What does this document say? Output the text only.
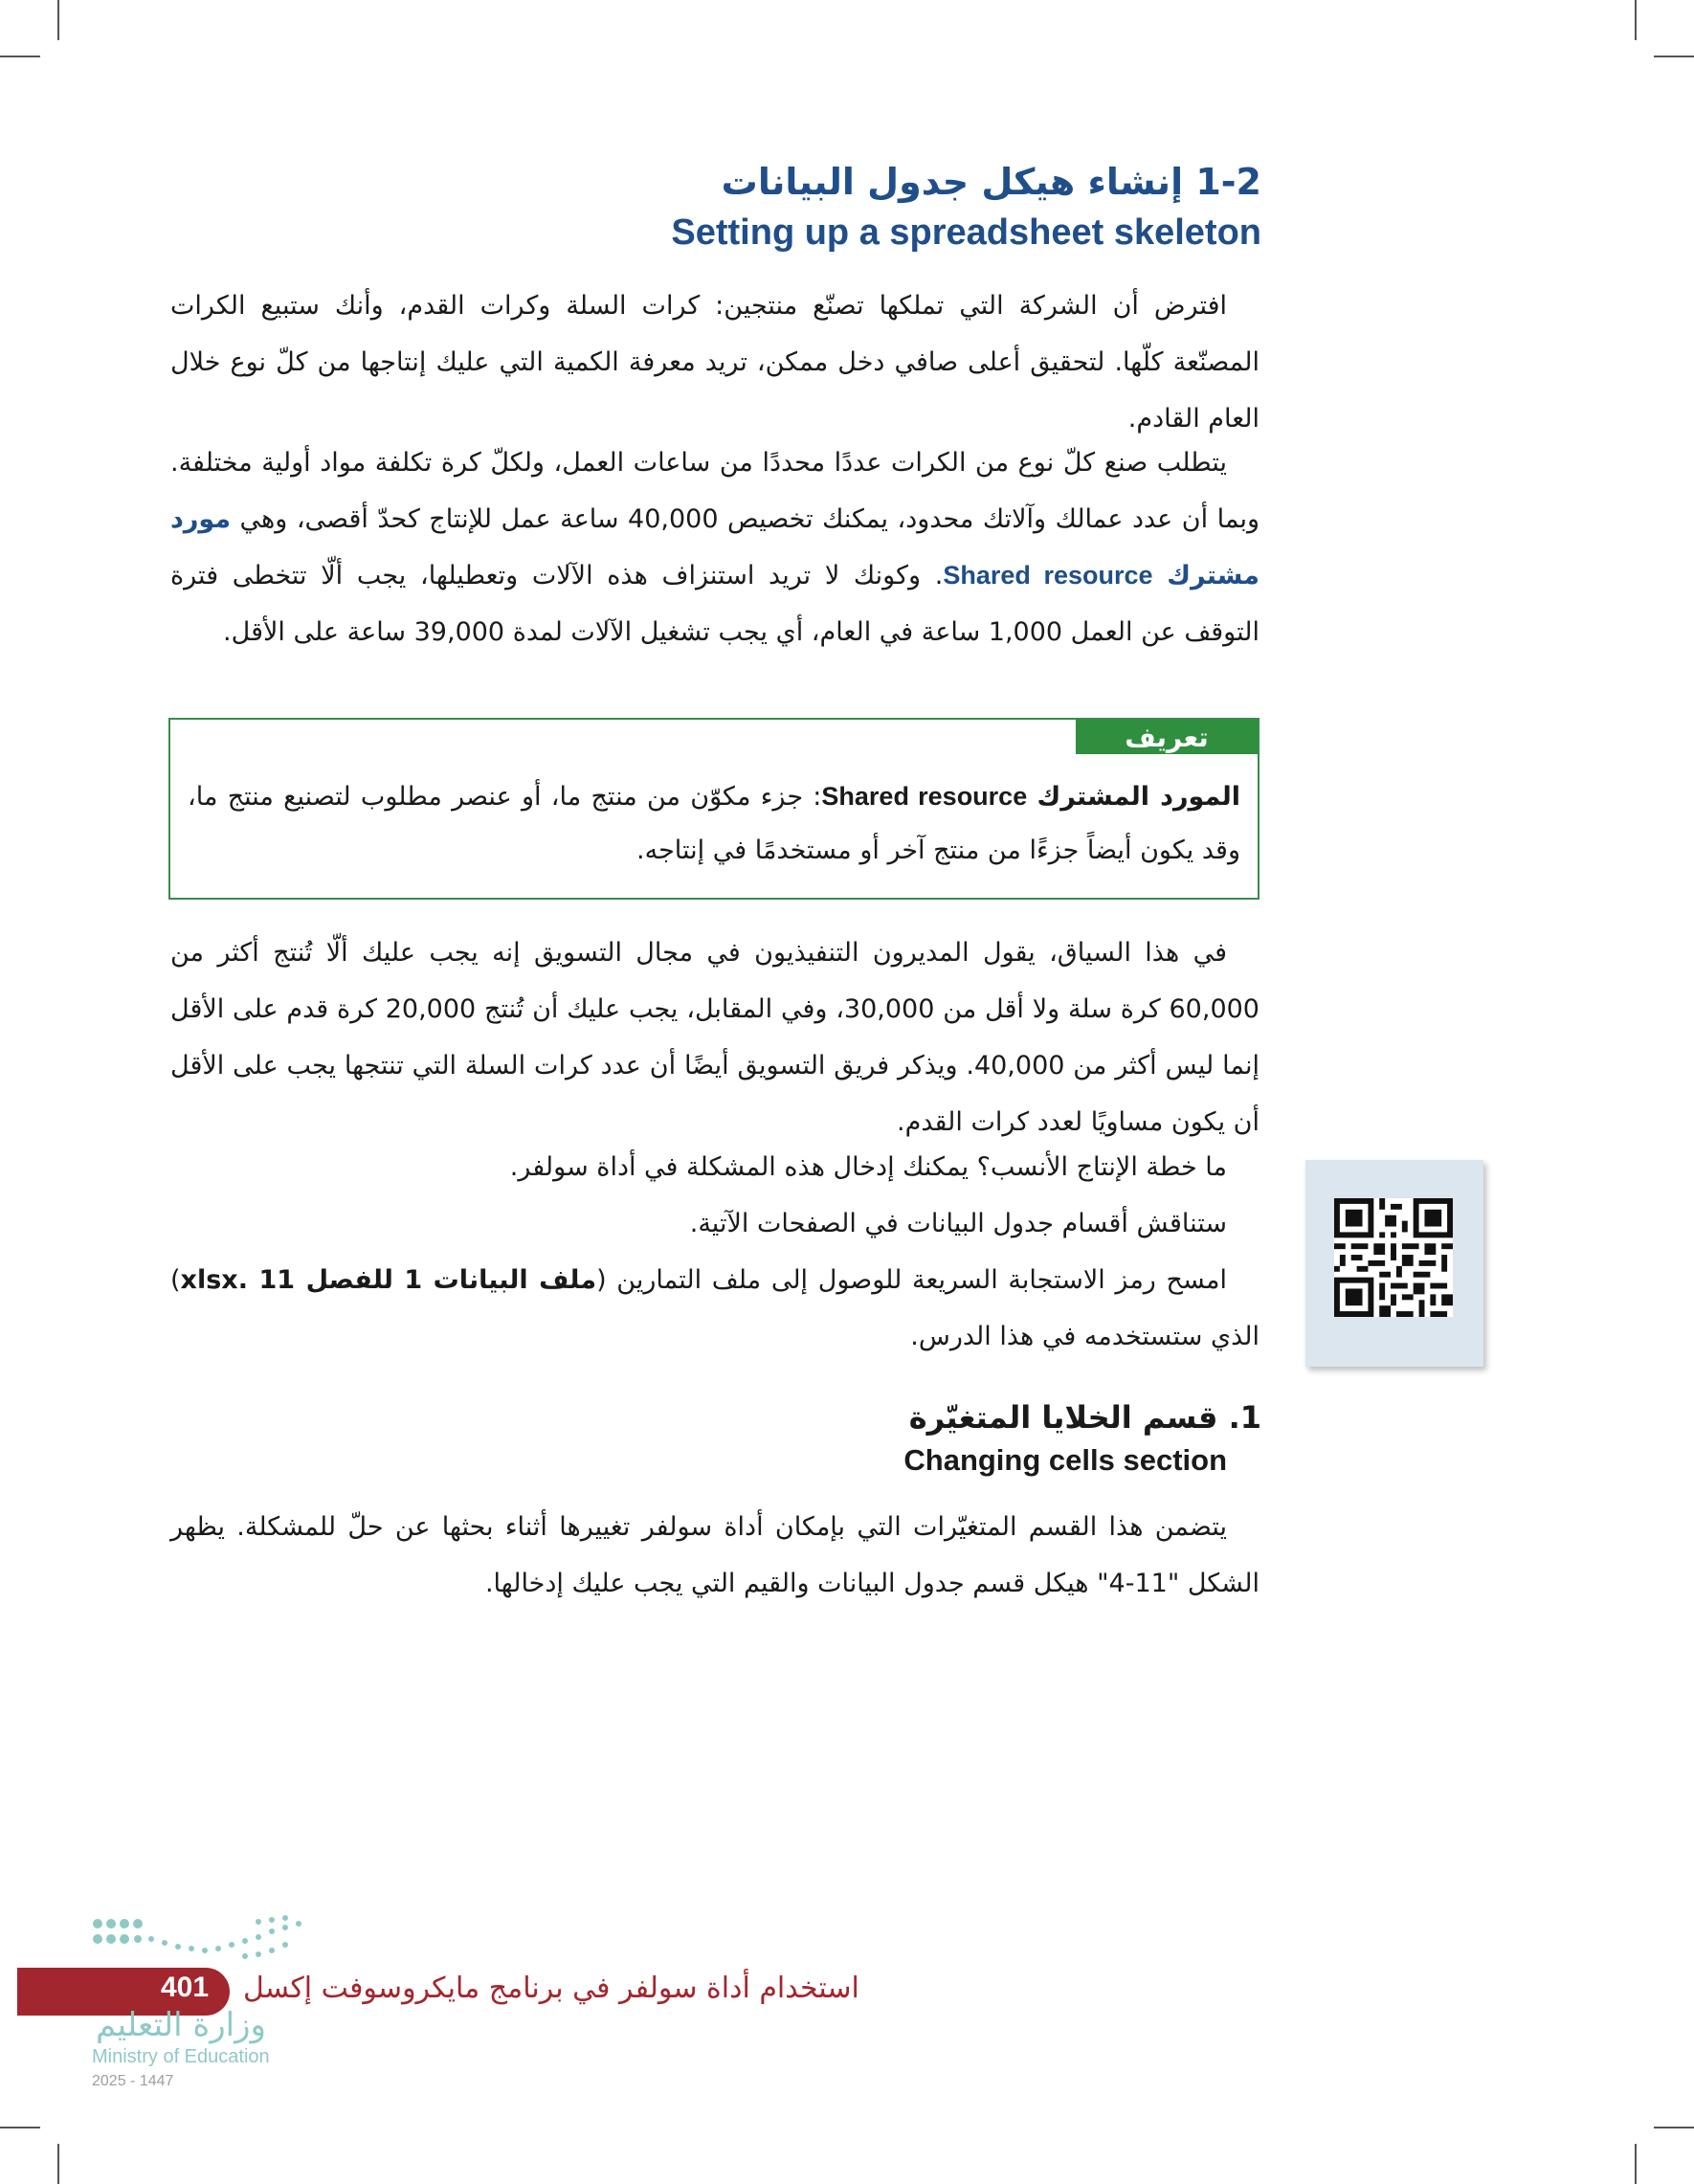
1-2 إنشاء هيكل جدول البيانات
Setting up a spreadsheet skeleton

افترض أن الشركة التي تملكها تصنّع منتجين: كرات السلة وكرات القدم، وأنك ستبيع الكرات المصنّعة كلّها. لتحقيق أعلى صافي دخل ممكن، تريد معرفة الكمية التي عليك إنتاجها من كلّ نوع خلال العام القادم.

يتطلب صنع كلّ نوع من الكرات عددًا محددًا من ساعات العمل، ولكلّ كرة تكلفة مواد أولية مختلفة. وبما أن عدد عمالك وآلاتك محدود، يمكنك تخصيص 40,000 ساعة عمل للإنتاج كحدّ أقصى، وهي مورد مشترك Shared resource. وكونك لا تريد استنزاف هذه الآلات وتعطيلها، يجب ألّا تتخطى فترة التوقف عن العمل 1,000 ساعة في العام، أي يجب تشغيل الآلات لمدة 39,000 ساعة على الأقل.

تعريف

المورد المشترك Shared resource: جزء مكوّن من منتج ما، أو عنصر مطلوب لتصنيع منتج ما، وقد يكون أيضاً جزءًا من منتج آخر أو مستخدمًا في إنتاجه.

في هذا السياق، يقول المديرون التنفيذيون في مجال التسويق إنه يجب عليك ألّا تُنتج أكثر من 60,000 كرة سلة ولا أقل من 30,000، وفي المقابل، يجب عليك أن تُنتج 20,000 كرة قدم على الأقل إنما ليس أكثر من 40,000. ويذكر فريق التسويق أيضًا أن عدد كرات السلة التي تنتجها يجب على الأقل أن يكون مساويًا لعدد كرات القدم.

ما خطة الإنتاج الأنسب؟ يمكنك إدخال هذه المشكلة في أداة سولفر.

ستناقش أقسام جدول البيانات في الصفحات الآتية.

امسح رمز الاستجابة السريعة للوصول إلى ملف التمارين (ملف البيانات 1 للفصل 11 .xlsx) الذي ستستخدمه في هذا الدرس.

1. قسم الخلايا المتغيّرة
Changing cells section

يتضمن هذا القسم المتغيّرات التي بإمكان أداة سولفر تغييرها أثناء بحثها عن حلّ للمشكلة. يظهر الشكل "11-4" هيكل قسم جدول البيانات والقيم التي يجب عليك إدخالها.

401 استخدام أداة سولفر في برنامج مايكروسوفت إكسل
وزارة التعليم
Ministry of Education
2025 - 1447
